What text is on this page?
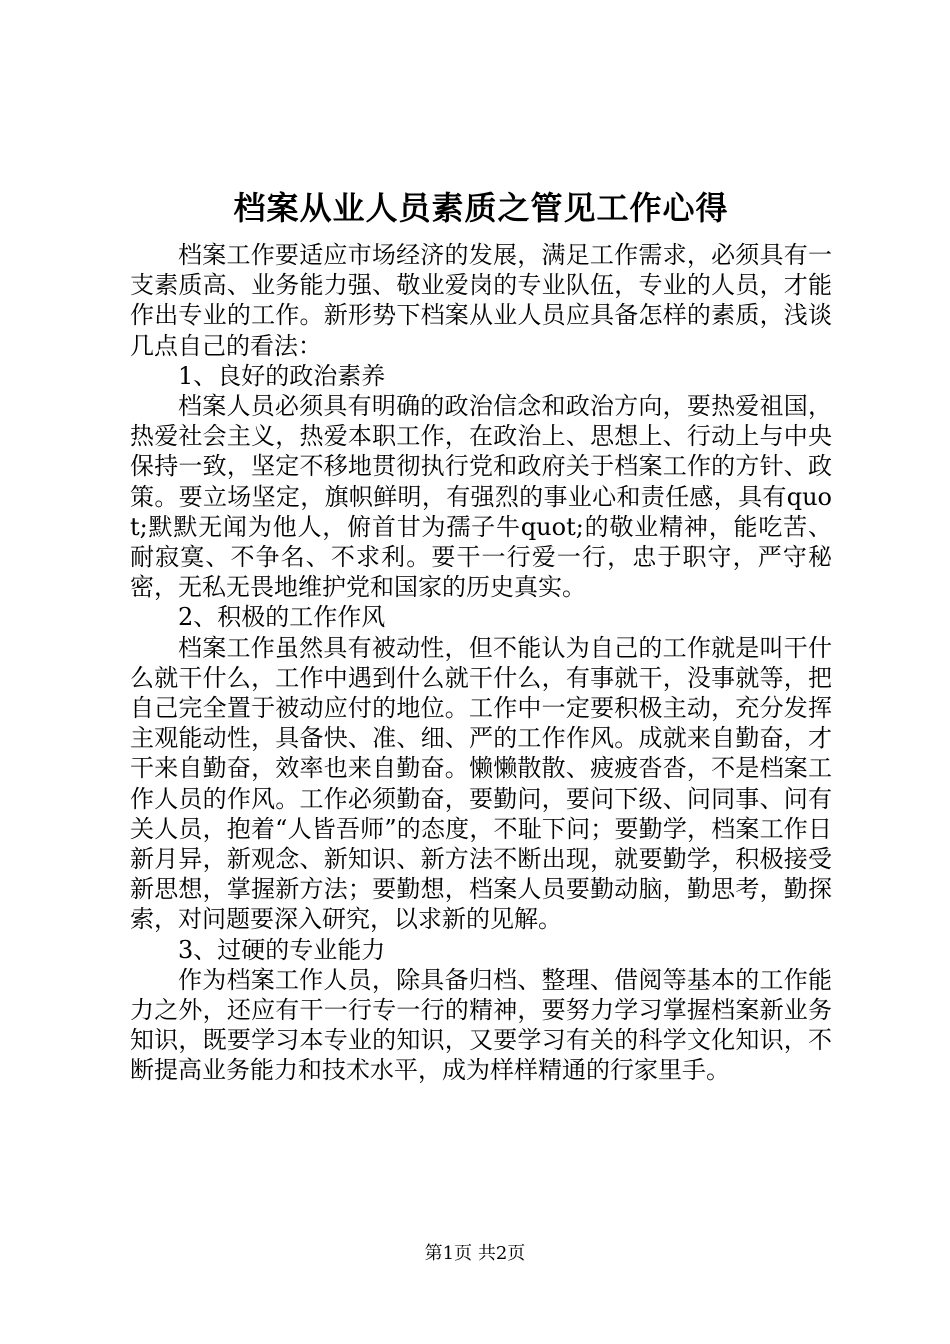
档案从业人员素质之管见工作心得

档案工作要适应市场经济的发展，满足工作需求，必须具有一支素质高、业务能力强、敬业爱岗的专业队伍，专业的人员，才能作出专业的工作。新形势下档案从业人员应具备怎样的素质，浅谈几点自己的看法：

1、良好的政治素养

档案人员必须具有明确的政治信念和政治方向，要热爱祖国，热爱社会主义，热爱本职工作，在政治上、思想上、行动上与中央保持一致，坚定不移地贯彻执行党和政府关于档案工作的方针、政策。要立场坚定，旗帜鲜明，有强烈的事业心和责任感，具有quot;默默无闻为他人，俯首甘为孺子牛quot;的敬业精神，能吃苦、耐寂寞、不争名、不求利。要干一行爱一行，忠于职守，严守秘密，无私无畏地维护党和国家的历史真实。

2、积极的工作作风

档案工作虽然具有被动性，但不能认为自己的工作就是叫干什么就干什么，工作中遇到什么就干什么，有事就干，没事就等，把自己完全置于被动应付的地位。工作中一定要积极主动，充分发挥主观能动性，具备快、准、细、严的工作作风。成就来自勤奋，才干来自勤奋，效率也来自勤奋。懒懒散散、疲疲沓沓，不是档案工作人员的作风。工作必须勤奋，要勤问，要问下级、问同事、问有关人员，抱着“人皆吾师”的态度，不耻下问；要勤学，档案工作日新月异，新观念、新知识、新方法不断出现，就要勤学，积极接受新思想，掌握新方法；要勤想，档案人员要勤动脑，勤思考，勤探索，对问题要深入研究，以求新的见解。

3、过硬的专业能力

作为档案工作人员，除具备归档、整理、借阅等基本的工作能力之外，还应有干一行专一行的精神，要努力学习掌握档案新业务知识，既要学习本专业的知识，又要学习有关的科学文化知识，不断提高业务能力和技术水平，成为样样精通的行家里手。

第1页 共2页
